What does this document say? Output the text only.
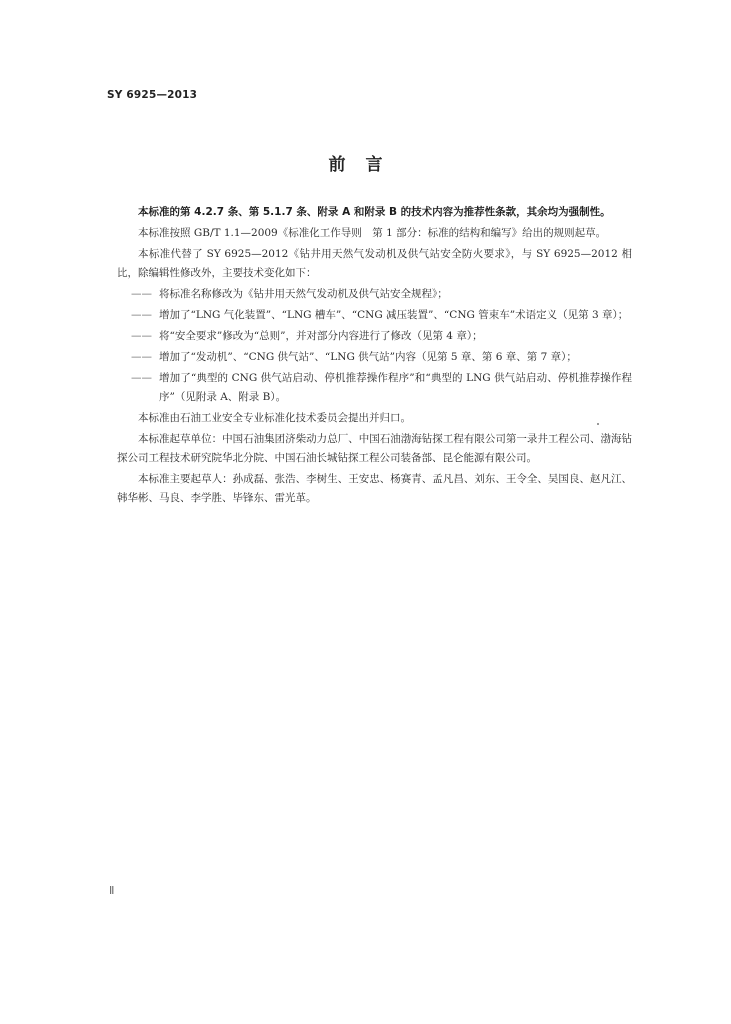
SY 6925—2013
前言

本标准的第 4.2.7 条、第 5.1.7 条、附录 A 和附录 B 的技术内容为推荐性条款，其余均为强制性。

本标准按照 GB/T 1.1—2009《标准化工作导则　第 1 部分：标准的结构和编写》给出的规则起草。

本标准代替了 SY 6925—2012《钻井用天然气发动机及供气站安全防火要求》，与 SY 6925—2012 相比，除编辑性修改外，主要技术变化如下：

—— 将标准名称修改为《钻井用天然气发动机及供气站安全规程》；
—— 增加了“LNG 气化装置”、“LNG 槽车”、“CNG 减压装置”、“CNG 管束车”术语定义（见第 3 章）；
—— 将“安全要求”修改为“总则”，并对部分内容进行了修改（见第 4 章）；
—— 增加了“发动机”、“CNG 供气站”、“LNG 供气站”内容（见第 5 章、第 6 章、第 7 章）；
—— 增加了“典型的 CNG 供气站启动、停机推荐操作程序”和“典型的 LNG 供气站启动、停机推荐操作程序”（见附录 A、附录 B）。

本标准由石油工业安全专业标准化技术委员会提出并归口。

本标准起草单位：中国石油集团济柴动力总厂、中国石油渤海钻探工程有限公司第一录井工程公司、渤海钻探公司工程技术研究院华北分院、中国石油长城钻探工程公司装备部、昆仑能源有限公司。

本标准主要起草人：孙成磊、张浩、李树生、王安忠、杨赛青、孟凡昌、刘东、王令全、吴国良、赵凡江、韩华彬、马良、李学胜、毕锋东、雷光革。

Ⅱ
